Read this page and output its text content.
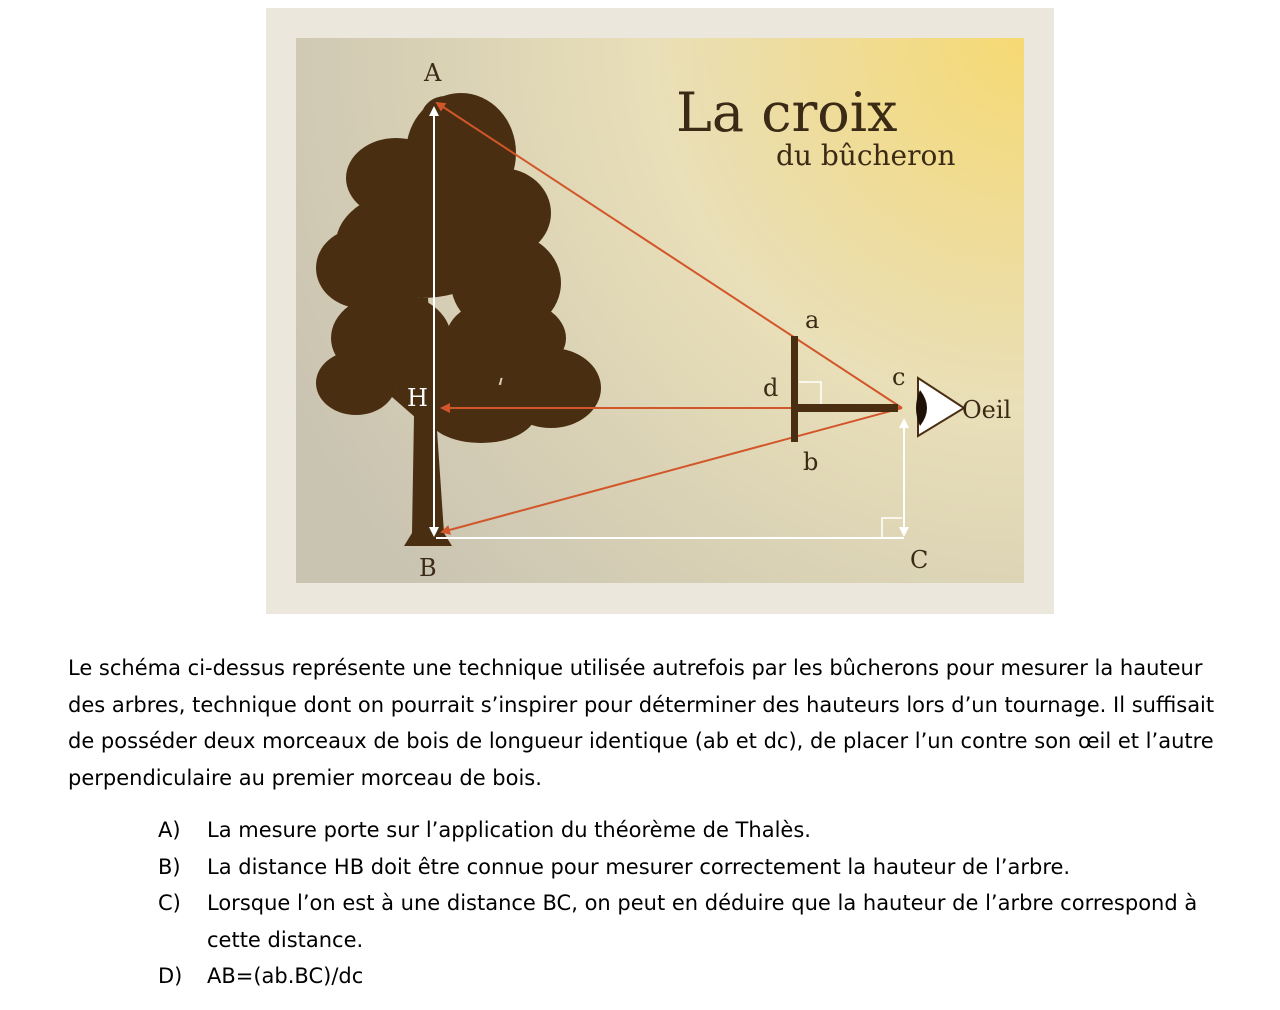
La croix
du bûcheron
A
H
B	C
a
b
c
d
Oeil

Le schéma ci-dessus représente une technique utilisée autrefois par les bûcherons pour mesurer la hauteur des arbres, technique dont on pourrait s’inspirer pour déterminer des hauteurs lors d’un tournage. Il suffisait de posséder deux morceaux de bois de longueur identique (ab et dc), de placer l’un contre son œil et l’autre perpendiculaire au premier morceau de bois.

A)	La mesure porte sur l’application du théorème de Thalès.
B)	La distance HB doit être connue pour mesurer correctement la hauteur de l’arbre.
C)	Lorsque l’on est à une distance BC, on peut en déduire que la hauteur de l’arbre correspond à cette distance.
D)	AB=(ab.BC)/dc
